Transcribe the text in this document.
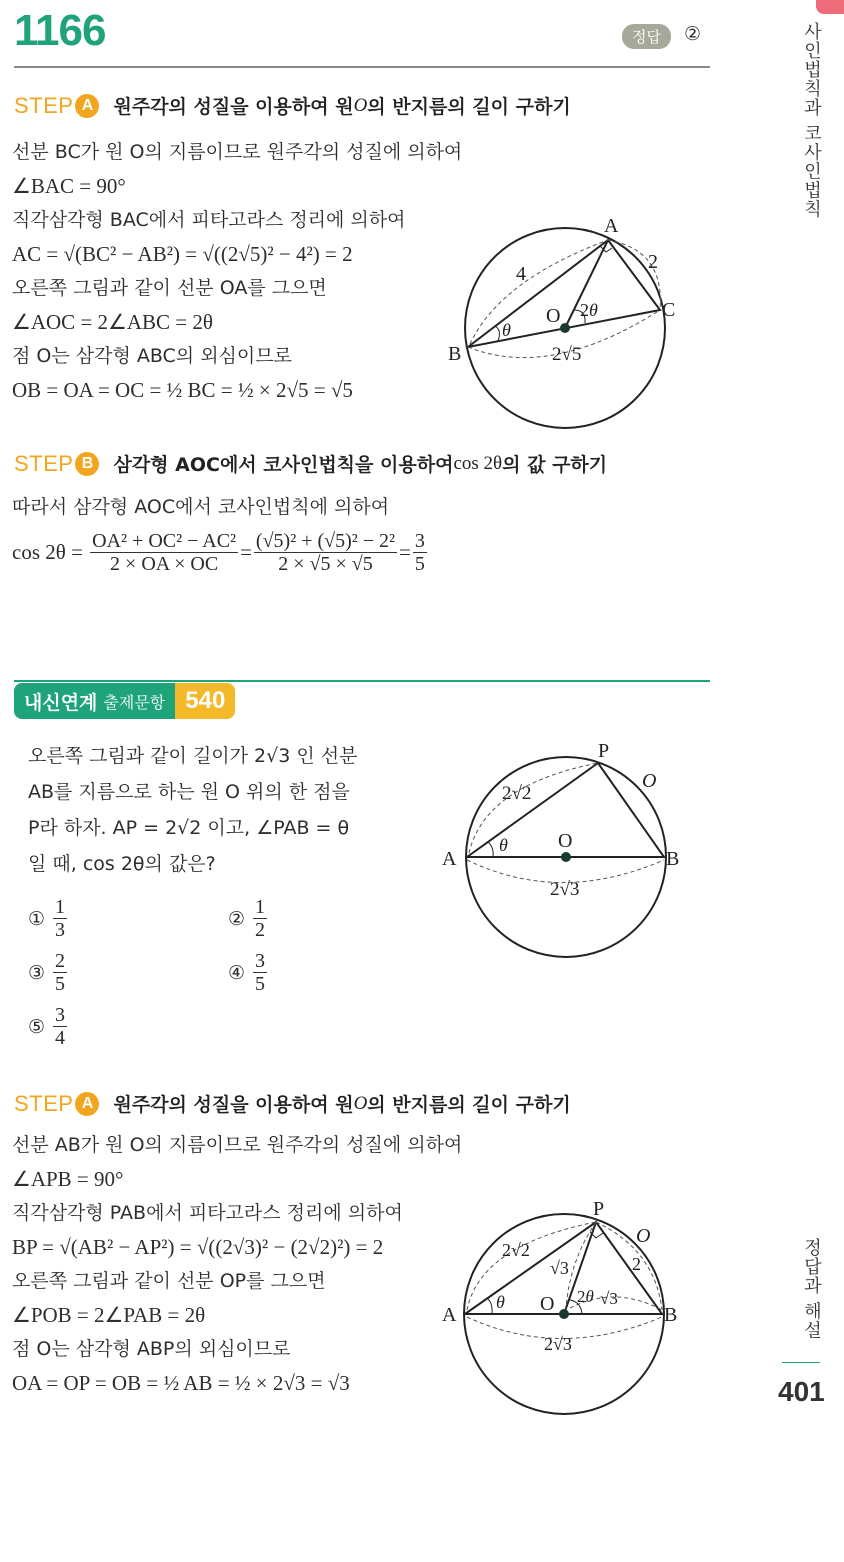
1166	정답	②
STEP A	원주각의 성질을 이용하여 원 O 의 반지름의 길이 구하기
선분 BC가 원 O의 지름이므로 원주각의 성질에 의하여
∠BAC = 90°
직각삼각형 BAC에서 피타고라스 정리에 의하여
AC = √(BC² − AB²) = √((2√5)² − 4²) = 2
오른쪽 그림과 같이 선분 OA를 그으면
∠AOC = 2∠ABC = 2θ
점 O는 삼각형 ABC의 외심이므로
OB = OA = OC = ½ BC = ½ × 2√5 = √5
A
B
C
O
4
2
2√5
θ
2θ
STEP B	삼각형 AOC에서 코사인법칙을 이용하여 cos 2θ 의 값 구하기
따라서 삼각형 AOC에서 코사인법칙에 의하여
$\cos 2\theta = \frac{\text{OA² + OC² − AC²}}{2 \times OA \times OC} = \frac{\text{(√5)² + (√5)² − 2²}}{2 \times √5 \times √5} = \frac{3}{5}$
내신연계 출제문항 540
오른쪽 그림과 같이 길이가 2√3 인 선분
AB를 지름으로 하는 원 O 위의 한 점을
P라 하자. AP = 2√2 이고, ∠PAB = θ
일 때, cos 2θ의 값은?
① $\frac{1}{3}$	② $\frac{1}{2}$
③ $\frac{2}{5}$	④ $\frac{3}{5}$
⑤ $\frac{3}{4}$
P
A	B
O
O
2√2
2√3
θ
STEP A	원주각의 성질을 이용하여 원 O 의 반지름의 길이 구하기
선분 AB가 원 O의 지름이므로 원주각의 성질에 의하여
∠APB = 90°
직각삼각형 PAB에서 피타고라스 정리에 의하여
BP = √(AB² − AP²) = √((2√3)² − (2√2)²) = 2
오른쪽 그림과 같이 선분 OP를 그으면
∠POB = 2∠PAB = 2θ
점 O는 삼각형 ABP의 외심이므로
OA = OP = OB = ½ AB = ½ × 2√3 = √3
P
A	B
O
O
2√2
√3	2
2θ √3
2√3
θ
사인법칙과 코사인법칙
정답과 해설
401
